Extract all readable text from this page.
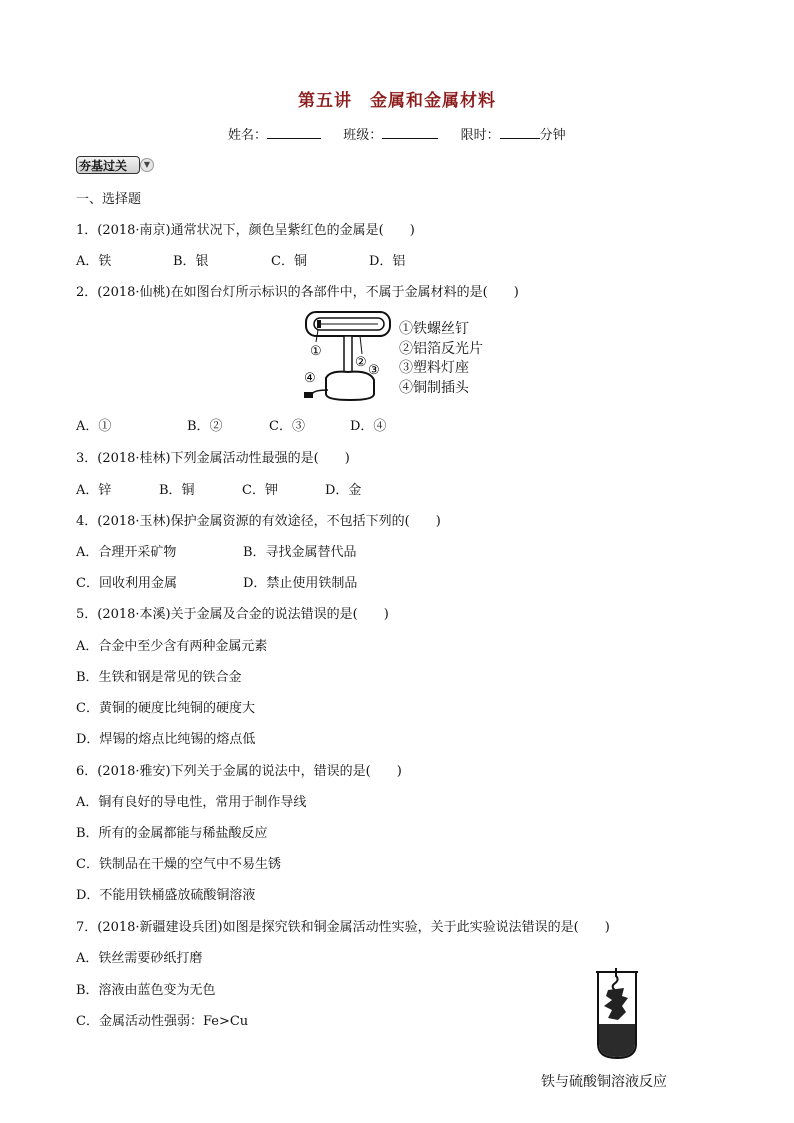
第五讲　金属和金属材料
姓名：	班级：	限时：	分钟
夯基过关	▼
一、选择题
1．(2018·南京)通常状况下，颜色呈紫红色的金属是(　　)
A．铁	B．银	C．铜	D．铝
2．(2018·仙桃)在如图台灯所示标识的各部件中，不属于金属材料的是(　　)
①
②
③
④
①铁螺丝钉
②铝箔反光片
③塑料灯座
④铜制插头
A．①	B．②	C．③	D．④
3．(2018·桂林)下列金属活动性最强的是(　　)
A．锌	B．铜	C．钾	D．金
4．(2018·玉林)保护金属资源的有效途径，不包括下列的(　　)
A．合理开采矿物	B．寻找金属替代品
C．回收利用金属	D．禁止使用铁制品
5．(2018·本溪)关于金属及合金的说法错误的是(　　)
A．合金中至少含有两种金属元素
B．生铁和钢是常见的铁合金
C．黄铜的硬度比纯铜的硬度大
D．焊锡的熔点比纯锡的熔点低
6．(2018·雅安)下列关于金属的说法中，错误的是(　　)
A．铜有良好的导电性，常用于制作导线
B．所有的金属都能与稀盐酸反应
C．铁制品在干燥的空气中不易生锈
D．不能用铁桶盛放硫酸铜溶液
7．(2018·新疆建设兵团)如图是探究铁和铜金属活动性实验，关于此实验说法错误的是(　　)
A．铁丝需要砂纸打磨
B．溶液由蓝色变为无色
C．金属活动性强弱：Fe>Cu
铁与硫酸铜溶液反应
